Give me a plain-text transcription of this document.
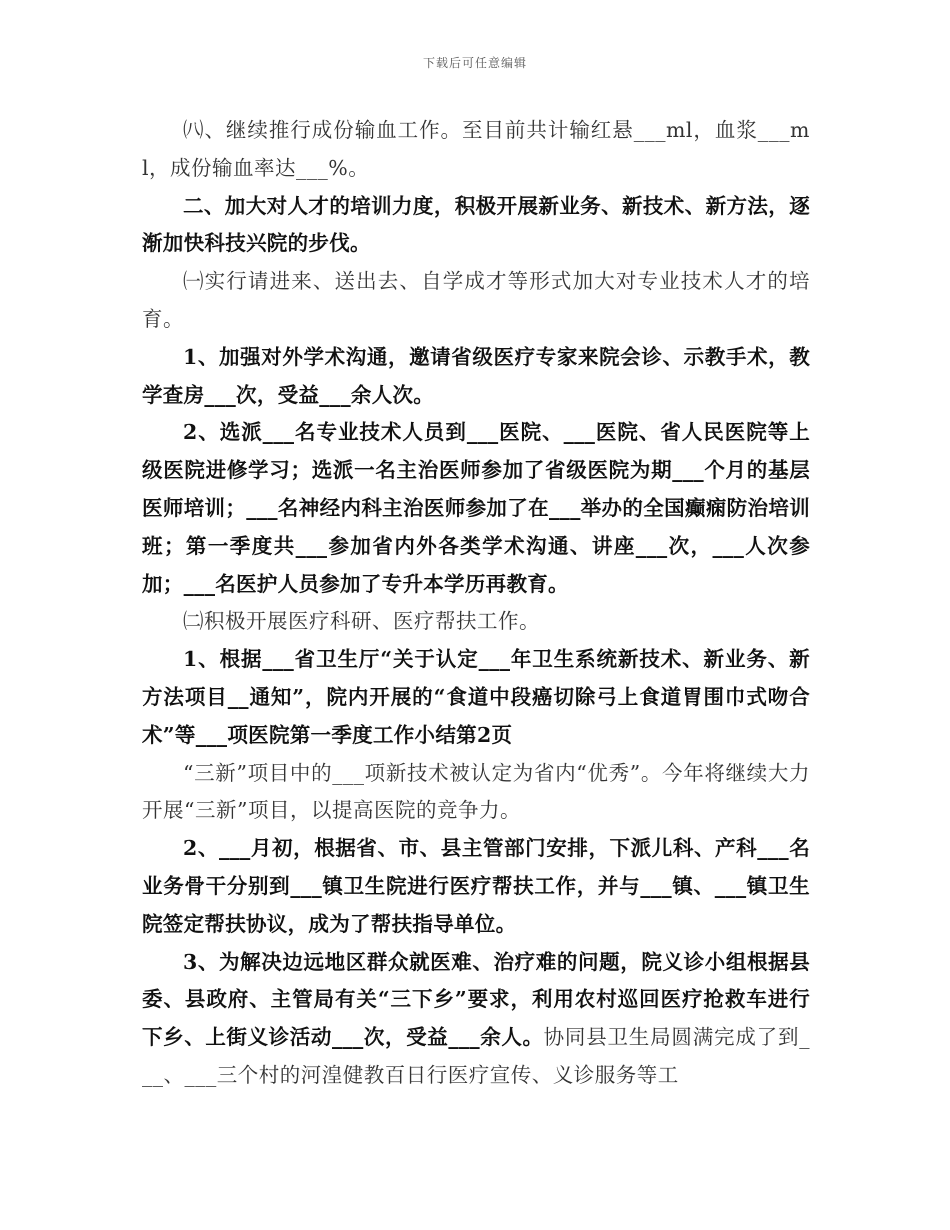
下载后可任意编辑

㈧、继续推行成份输血工作。至目前共计输红悬___ml，血浆___ml，成份输血率达___%。

二、加大对人才的培训力度，积极开展新业务、新技术、新方法，逐渐加快科技兴院的步伐。

㈠实行请进来、送出去、自学成才等形式加大对专业技术人才的培育。

1、加强对外学术沟通，邀请省级医疗专家来院会诊、示教手术，教学查房___次，受益___余人次。

2、选派___名专业技术人员到___医院、___医院、省人民医院等上级医院进修学习；选派一名主治医师参加了省级医院为期___个月的基层医师培训；___名神经内科主治医师参加了在___举办的全国癫痫防治培训班；第一季度共___参加省内外各类学术沟通、讲座___次，___人次参加；___名医护人员参加了专升本学历再教育。

㈡积极开展医疗科研、医疗帮扶工作。

1、根据___省卫生厅“关于认定___年卫生系统新技术、新业务、新方法项目__通知”，院内开展的“食道中段癌切除弓上食道胃围巾式吻合术”等___项医院第一季度工作小结第2页

“三新”项目中的___项新技术被认定为省内“优秀”。今年将继续大力开展“三新”项目，以提高医院的竞争力。

2、___月初，根据省、市、县主管部门安排，下派儿科、产科___名业务骨干分别到___镇卫生院进行医疗帮扶工作，并与___镇、___镇卫生院签定帮扶协议，成为了帮扶指导单位。

3、为解决边远地区群众就医难、治疗难的问题，院义诊小组根据县委、县政府、主管局有关“三下乡”要求，利用农村巡回医疗抢救车进行下乡、上街义诊活动___次，受益___余人。协同县卫生局圆满完成了到___、___三个村的河湟健教百日行医疗宣传、义诊服务等工
